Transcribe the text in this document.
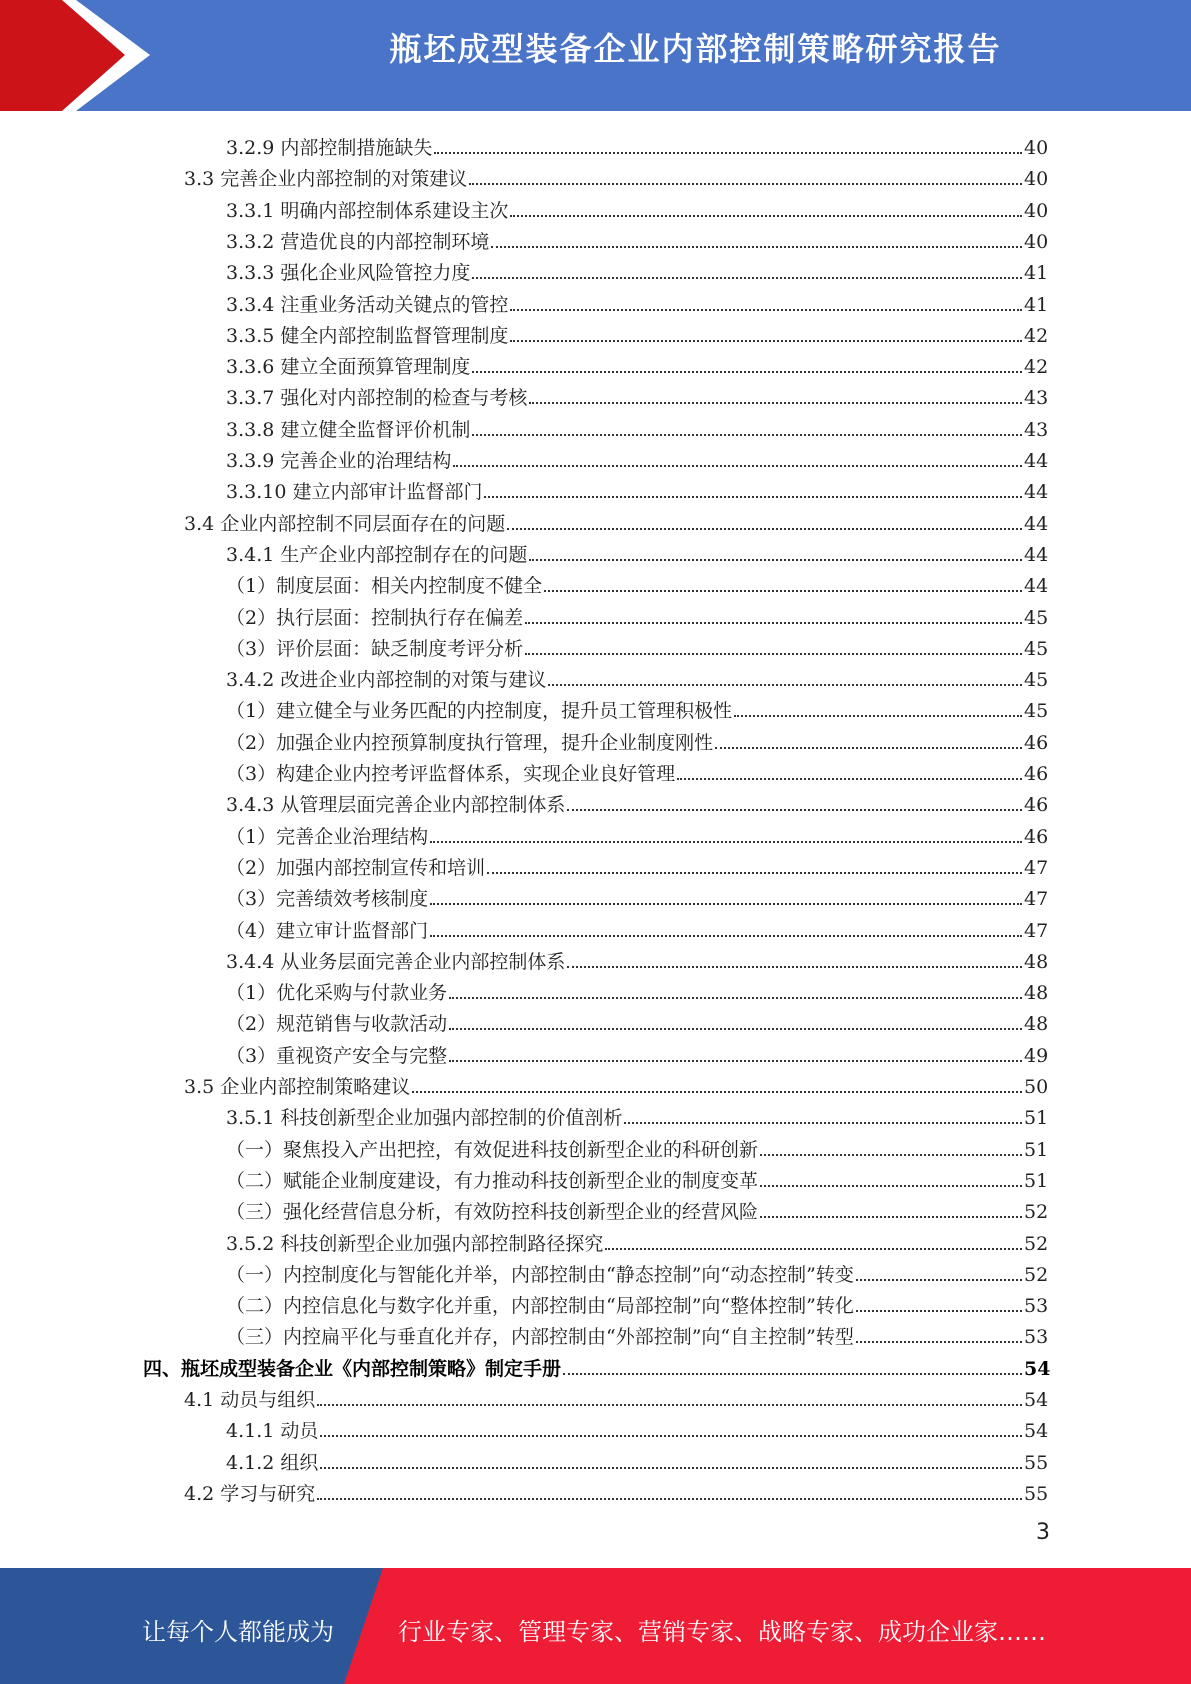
瓶坯成型装备企业内部控制策略研究报告
3.2.9 内部控制措施缺失	40
3.3 完善企业内部控制的对策建议	40
3.3.1 明确内部控制体系建设主次	40
3.3.2 营造优良的内部控制环境	40
3.3.3 强化企业风险管控力度	41
3.3.4 注重业务活动关键点的管控	41
3.3.5 健全内部控制监督管理制度	42
3.3.6 建立全面预算管理制度	42
3.3.7 强化对内部控制的检查与考核	43
3.3.8 建立健全监督评价机制	43
3.3.9 完善企业的治理结构	44
3.3.10 建立内部审计监督部门	44
3.4 企业内部控制不同层面存在的问题	44
3.4.1 生产企业内部控制存在的问题	44
（1）制度层面：相关内控制度不健全	44
（2）执行层面：控制执行存在偏差	45
（3）评价层面：缺乏制度考评分析	45
3.4.2 改进企业内部控制的对策与建议	45
（1）建立健全与业务匹配的内控制度，提升员工管理积极性	45
（2）加强企业内控预算制度执行管理，提升企业制度刚性	46
（3）构建企业内控考评监督体系，实现企业良好管理	46
3.4.3 从管理层面完善企业内部控制体系	46
（1）完善企业治理结构	46
（2）加强内部控制宣传和培训	47
（3）完善绩效考核制度	47
（4）建立审计监督部门	47
3.4.4 从业务层面完善企业内部控制体系	48
（1）优化采购与付款业务	48
（2）规范销售与收款活动	48
（3）重视资产安全与完整	49
3.5 企业内部控制策略建议	50
3.5.1 科技创新型企业加强内部控制的价值剖析	51
（一）聚焦投入产出把控，有效促进科技创新型企业的科研创新	51
（二）赋能企业制度建设，有力推动科技创新型企业的制度变革	51
（三）强化经营信息分析，有效防控科技创新型企业的经营风险	52
3.5.2 科技创新型企业加强内部控制路径探究	52
（一）内控制度化与智能化并举，内部控制由“静态控制”向“动态控制”转变	52
（二）内控信息化与数字化并重，内部控制由“局部控制”向“整体控制”转化	53
（三）内控扁平化与垂直化并存，内部控制由“外部控制”向“自主控制”转型	53
四、瓶坯成型装备企业《内部控制策略》制定手册	54
4.1 动员与组织	54
4.1.1 动员	54
4.1.2 组织	55
4.2 学习与研究	55
3
让每个人都能成为	行业专家、管理专家、营销专家、战略专家、成功企业家……
